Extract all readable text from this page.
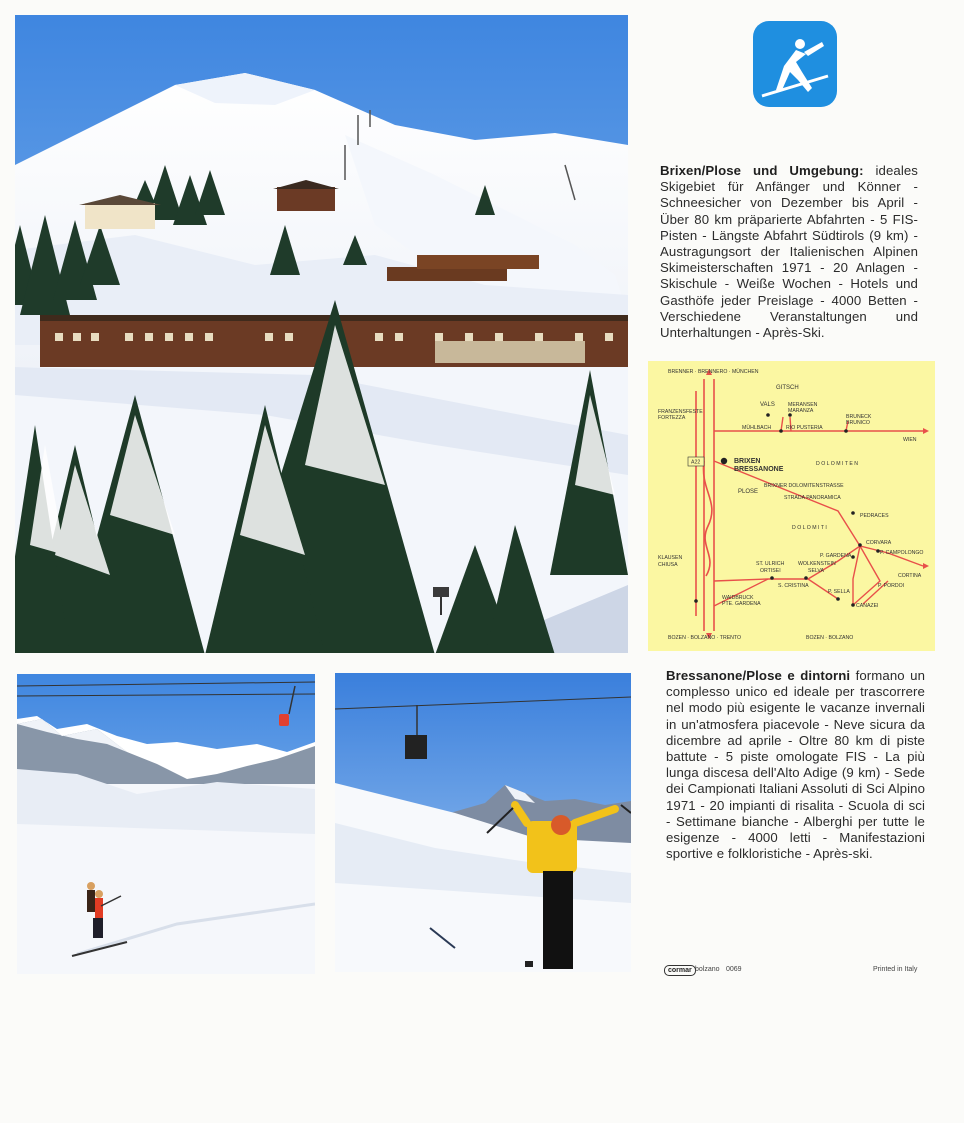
Brixen/Plose und Umgebung: ideales Skigebiet für Anfänger und Könner - Schneesicher von Dezember bis April - Über 80 km präparierte Abfahrten - 5 FIS-Pisten - Längste Abfahrt Südtirols (9 km) - Austragungsort der Italienischen Alpinen Skimeisterschaften 1971 - 20 Anlagen - Skischule - Weiße Wochen - Hotels und Gasthöfe jeder Preislage - 4000 Betten - Verschiedene Veranstaltungen und Unterhaltungen - Après-Ski.
A22
BRENNER · BRENNERO · MÜNCHEN
GITSCH
VALS	MERANSEN
MARANZA
FRANZENSFESTE
FORTEZZA
MÜHLBACH	RIO PUSTERIA
BRUNECK
BRUNICO
WIEN
BRIXEN
BRESSANONE
D O L O M I T E N
PLOSE
BRIXNER DOLOMITENSTRASSE
STRADA PANORAMICA
PEDRACES
D O L O M I T I
CORVARA
P. GARDENA	P. CAMPOLONGO
KLAUSEN
CHIUSA	ST. ULRICH
ORTISEI
WOLKENSTEIN
SELVA
CORTINA
S. CRISTINA
P. SELLA
P. PORDOI
WAIDBRUCK
PTE. GARDENA	CANAZEI
BOZEN · BOLZANO · TRENTO	BOZEN · BOLZANO
Bressanone/Plose e dintorni formano un complesso unico ed ideale per trascorrere nel modo più esigente le vacanze invernali in un'atmosfera piacevole - Neve sicura da dicembre ad aprile - Oltre 80 km di piste battute - 5 piste omologate FIS - La più lunga discesa dell'Alto Adige (9 km) - Sede dei Campionati Italiani Assoluti di Sci Alpino 1971 - 20 impianti di risalita - Scuola di sci - Settimane bianche - Alberghi per tutte le esigenze - 4000 letti - Manifestazioni sportive e folkloristiche - Après-ski.
cormar bolzano 0069	Printed in Italy
